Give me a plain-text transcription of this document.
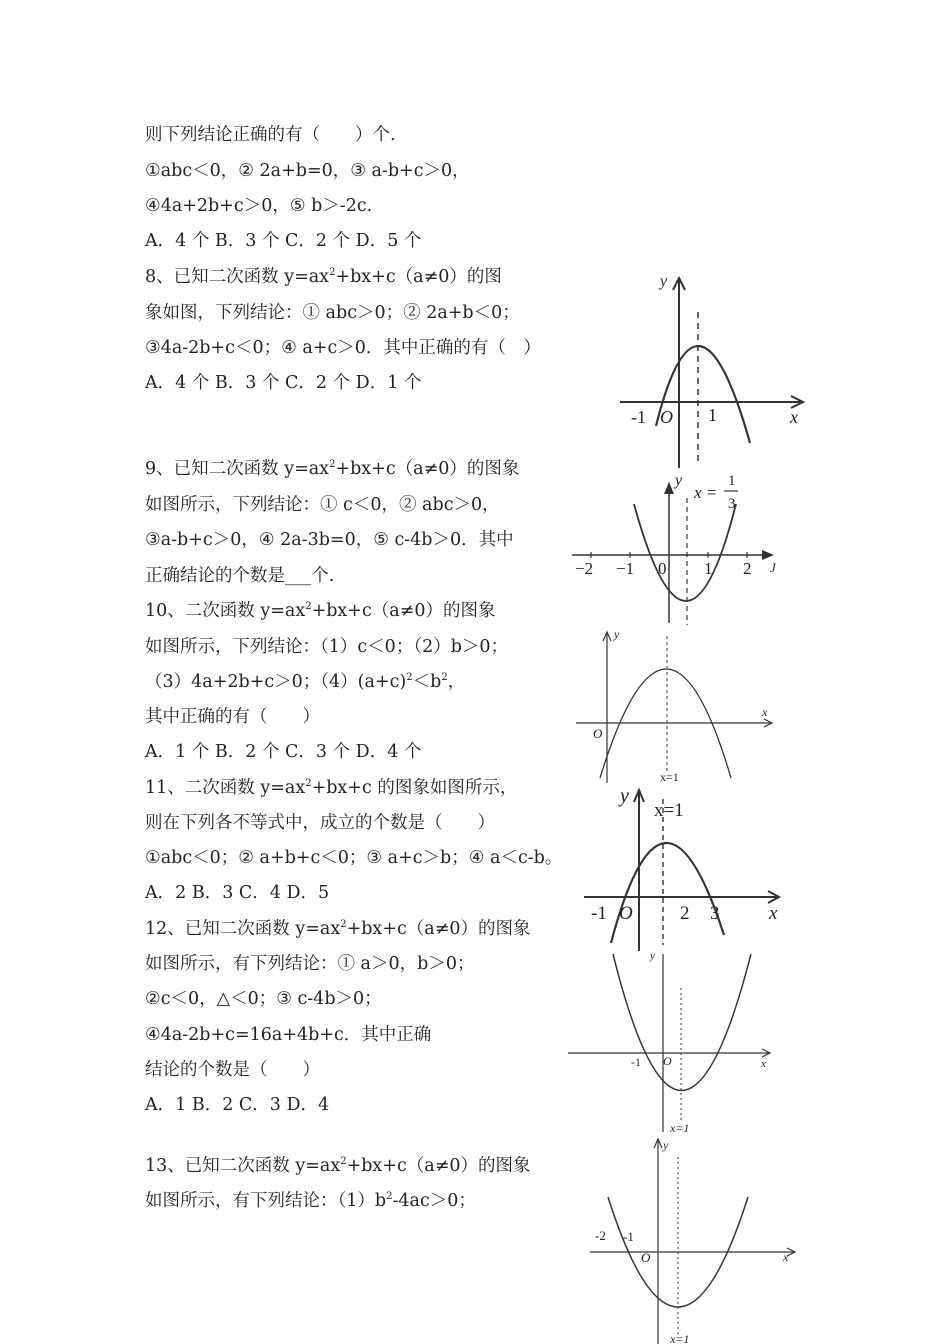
则下列结论正确的有（　　）个.
①abc＜0，② 2a+b=0，③ a-b+c＞0，
④4a+2b+c＞0，⑤ b＞-2c.
A．4 个 B．3 个 C．2 个 D．5 个
8、已知二次函数 $y=ax^2+bx+c(a\ne 0)$的图
象如图，下列结论：① abc＞0；② 2a+b＜0；
③4a-2b+c＜0；④ a+c＞0．其中正确的有（　）
A．4 个 B．3 个 C．2 个 D．1 个
9、已知二次函数 $y=ax^2+bx+c(a\ne 0)$的图象
如图所示，下列结论：① c＜0，② abc＞0，
③a-b+c＞0，④ 2a-3b=0，⑤ c-4b＞0．其中
正确结论的个数是___个.
10、二次函数 $y=ax^2+bx+c(a\ne 0)$的图象
如图所示，下列结论：（1）c＜0；（2）b＞0；
（3）4a+2b+c＞0；$(4)(a+c)^2<b^2$，
其中正确的有（　　）
A．1 个 B．2 个 C．3 个 D．4 个
11、二次函数 $y=ax^2+bx+c$ 的图象如图所示，
则在下列各不等式中，成立的个数是（　　）
①abc＜0；② a+b+c＜0；③ a+c＞b；④ a＜c-b。
A．2 B．3 C．4 D．5
12、已知二次函数 $y=ax^2+bx+c(a\ne 0)$的图象
如图所示，有下列结论：① a＞0，b＞0；
②c＜0，△＜0；③ c-4b＞0；
④4a-2b+c=16a+4b+c．其中正确
结论的个数是（　　）
A．1 B．2 C．3 D．4
13、已知二次函数 $y=ax^2+bx+c(a\ne 0)$的图象
如图所示，有下列结论：$(1)b^2-4ac>0$；
y
-1 O 1	x
y
x =
1
3
−2 −1 0 1 2 J
y
x
O
x=1
y
x=1
-1 O 2 3	x
y
-1 O	x
x=1
y
-2 -1
O	x
x=1
